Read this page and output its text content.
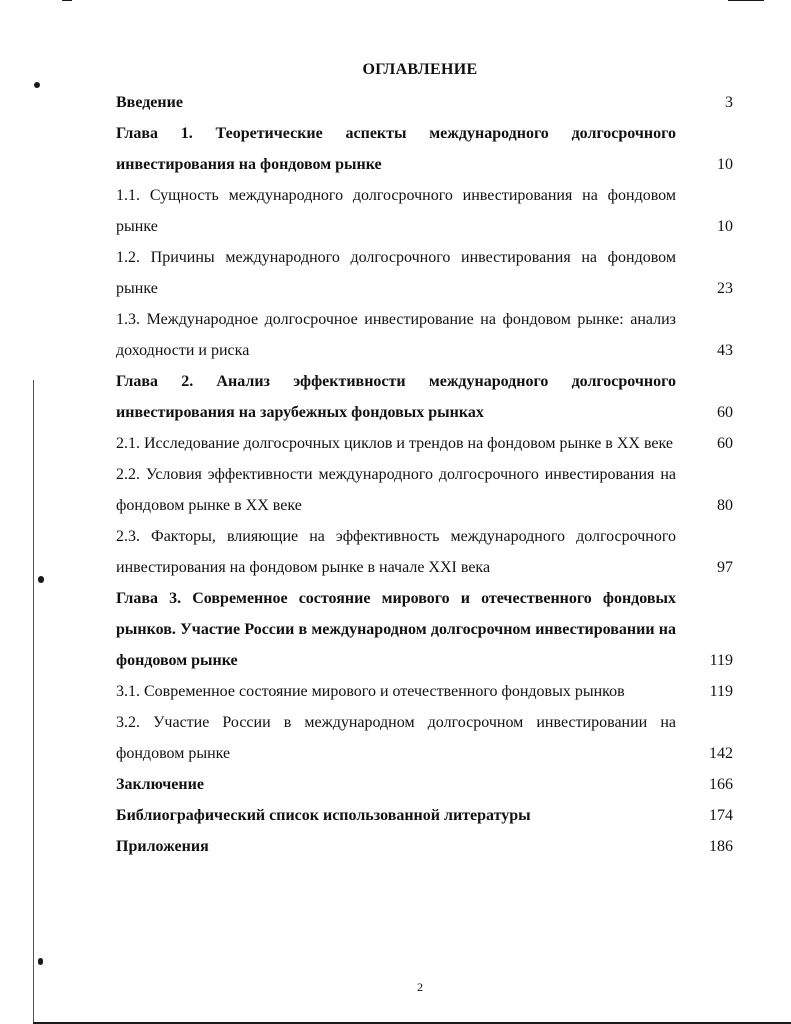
ОГЛАВЛЕНИЕ
Введение	3
Глава 1. Теоретические аспекты международного долгосрочного инвестирования на фондовом рынке	10
1.1. Сущность международного долгосрочного инвестирования на фондовом рынке	10
1.2. Причины международного долгосрочного инвестирования на фондовом рынке	23
1.3. Международное долгосрочное инвестирование на фондовом рынке: анализ доходности и риска	43
Глава 2. Анализ эффективности международного долгосрочного инвестирования на зарубежных фондовых рынках	60
2.1. Исследование долгосрочных циклов и трендов на фондовом рынке в XX веке	60
2.2. Условия эффективности международного долгосрочного инвестирования на фондовом рынке в XX веке	80
2.3. Факторы, влияющие на эффективность международного долгосрочного инвестирования на фондовом рынке в начале XXI века	97
Глава 3. Современное состояние мирового и отечественного фондовых рынков. Участие России в международном долгосрочном инвестировании на фондовом рынке	119
3.1. Современное состояние мирового и отечественного фондовых рынков	119
3.2. Участие России в международном долгосрочном инвестировании на фондовом рынке	142
Заключение	166
Библиографический список использованной литературы	174
Приложения	186
2
